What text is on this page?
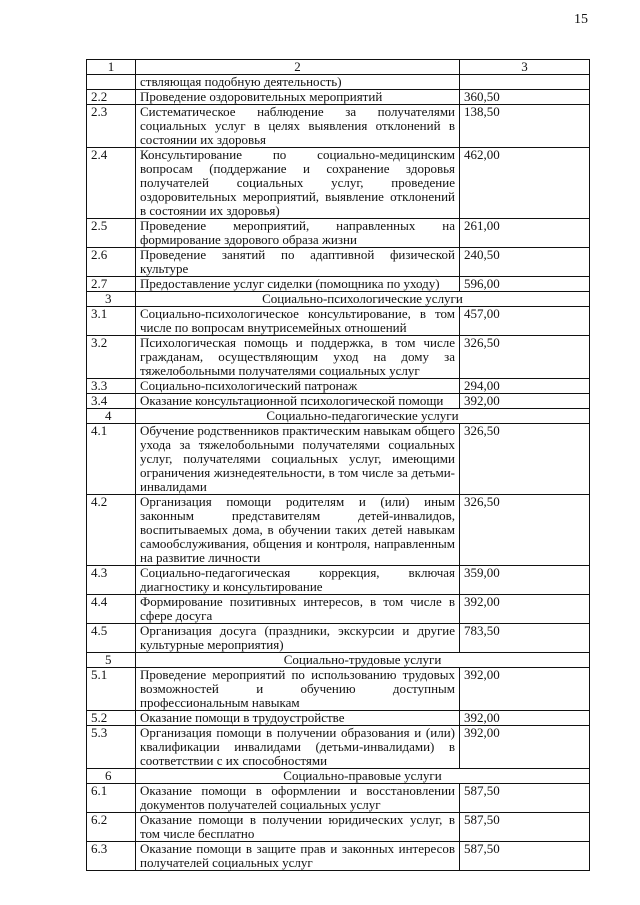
15
1	2	3
	ствляющая подобную деятельность)	
2.2	Проведение оздоровительных мероприятий	360,50
2.3	Систематическое наблюдение за получателями социальных услуг в целях выявления отклонений в состоянии их здоровья	138,50
2.4	Консультирование по социально-медицинским вопросам (поддержание и сохранение здоровья получателей социальных услуг, проведение оздоровительных мероприятий, выявление отклонений в состоянии их здоровья)	462,00
2.5	Проведение мероприятий, направленных на формирование здорового образа жизни	261,00
2.6	Проведение занятий по адаптивной физической культуре	240,50
2.7	Предоставление услуг сиделки (помощника по уходу)	596,00
3	Социально-психологические услуги	
3.1	Социально-психологическое консультирование, в том числе по вопросам внутрисемейных отношений	457,00
3.2	Психологическая помощь и поддержка, в том числе гражданам, осуществляющим уход на дому за тяжелобольными получателями социальных услуг	326,50
3.3	Социально-психологический патронаж	294,00
3.4	Оказание консультационной психологической помощи	392,00
4	Социально-педагогические услуги	
4.1	Обучение родственников практическим навыкам общего ухода за тяжелобольными получателями социальных услуг, получателями социальных услуг, имеющими ограничения жизнедеятельности, в том числе за детьми-инвалидами	326,50
4.2	Организация помощи родителям и (или) иным законным представителям детей-инвалидов, воспитываемых дома, в обучении таких детей навыкам самообслуживания, общения и контроля, направленным на развитие личности	326,50
4.3	Социально-педагогическая коррекция, включая диагностику и консультирование	359,00
4.4	Формирование позитивных интересов, в том числе в сфере досуга	392,00
4.5	Организация досуга (праздники, экскурсии и другие культурные мероприятия)	783,50
5	Социально-трудовые услуги	
5.1	Проведение мероприятий по использованию трудовых возможностей и обучению доступным профессиональным навыкам	392,00
5.2	Оказание помощи в трудоустройстве	392,00
5.3	Организация помощи в получении образования и (или) квалификации инвалидами (детьми-инвалидами) в соответствии с их способностями	392,00
6	Социально-правовые услуги	
6.1	Оказание помощи в оформлении и восстановлении документов получателей социальных услуг	587,50
6.2	Оказание помощи в получении юридических услуг, в том числе бесплатно	587,50
6.3	Оказание помощи в защите прав и законных интересов получателей социальных услуг	587,50
